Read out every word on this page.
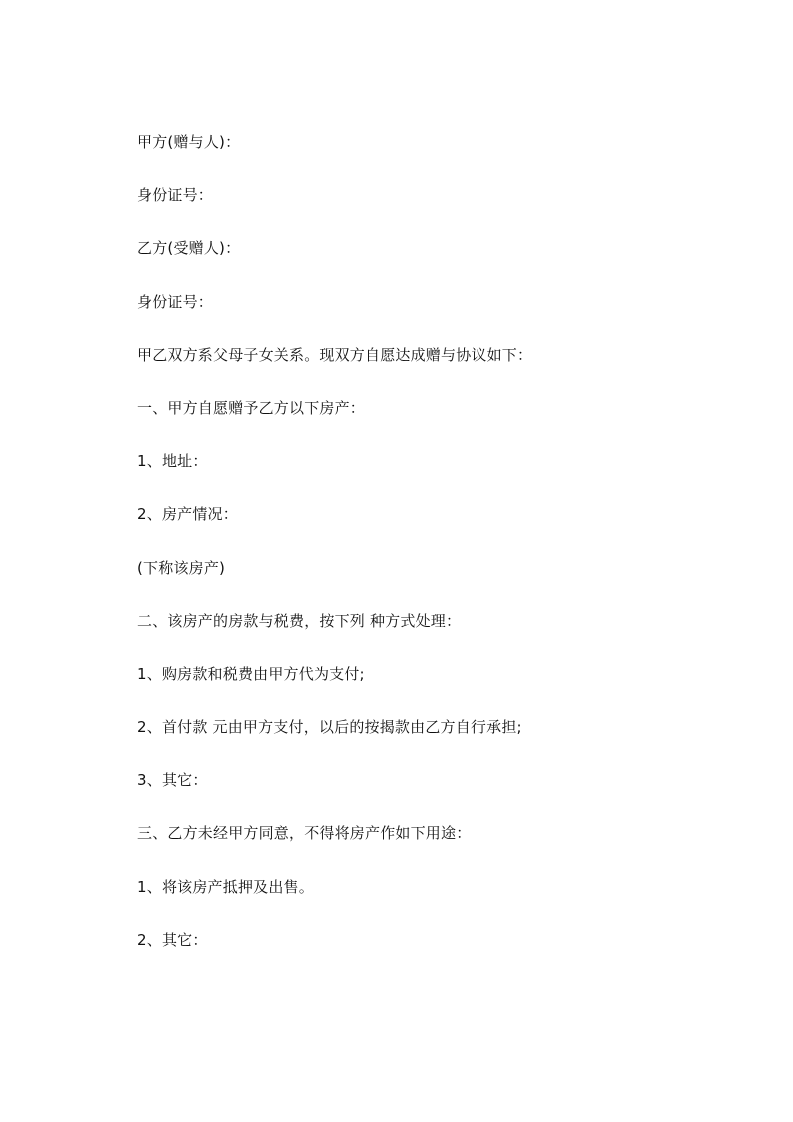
甲方(赠与人)：
身份证号：
乙方(受赠人)：
身份证号：
甲乙双方系父母子女关系。现双方自愿达成赠与协议如下：
一、甲方自愿赠予乙方以下房产：
1、地址：
2、房产情况：
(下称该房产)
二、该房产的房款与税费，按下列 种方式处理：
1、购房款和税费由甲方代为支付;
2、首付款 元由甲方支付，以后的按揭款由乙方自行承担;
3、其它：
三、乙方未经甲方同意，不得将房产作如下用途：
1、将该房产抵押及出售。
2、其它：
